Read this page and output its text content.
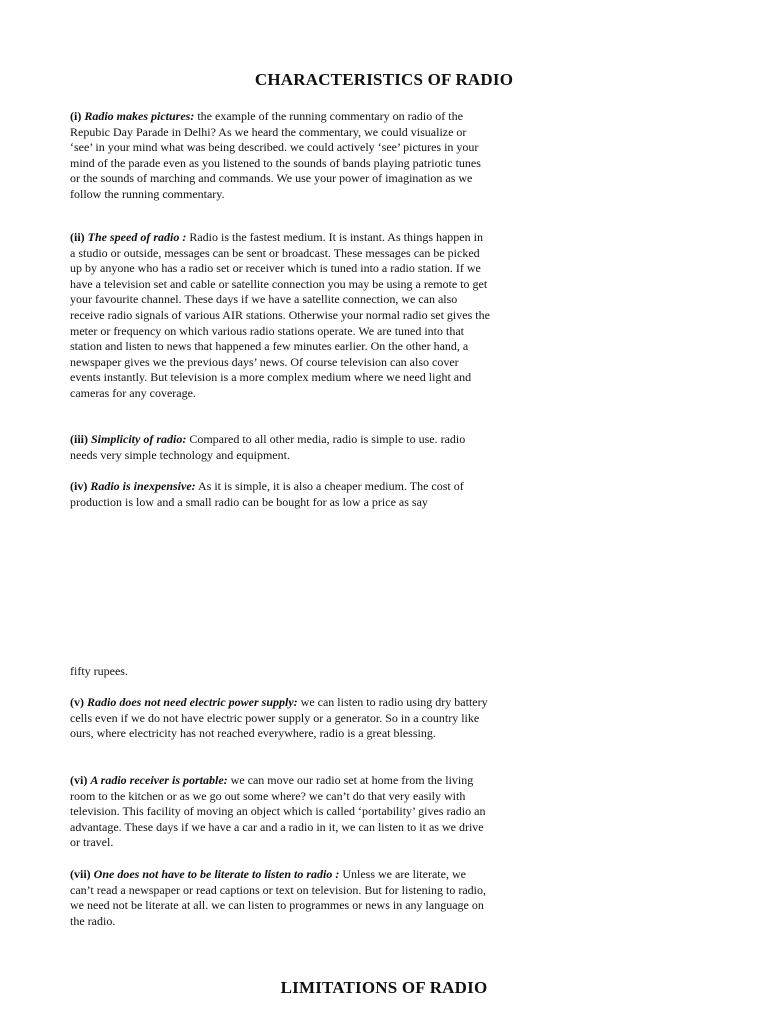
CHARACTERISTICS OF RADIO

(i) Radio makes pictures: the example of the running commentary on radio of the Repubic Day Parade in Delhi? As we heard the commentary, we could visualize or ‘see’ in your mind what was being described. we could actively ‘see’ pictures in your mind of the parade even as you listened to the sounds of bands playing patriotic tunes or the sounds of marching and commands. We use your power of imagination as we follow the running commentary.

(ii) The speed of radio : Radio is the fastest medium. It is instant. As things happen in a studio or outside, messages can be sent or broadcast. These messages can be picked up by anyone who has a radio set or receiver which is tuned into a radio station. If we have a television set and cable or satellite connection you may be using a remote to get your favourite channel. These days if we have a satellite connection, we can also receive radio signals of various AIR stations. Otherwise your normal radio set gives the meter or frequency on which various radio stations operate. We are tuned into that station and listen to news that happened a few minutes earlier. On the other hand, a newspaper gives we the previous days’ news. Of course television can also cover events instantly. But television is a more complex medium where we need light and cameras for any coverage.

(iii) Simplicity of radio: Compared to all other media, radio is simple to use. radio needs very simple technology and equipment.

(iv) Radio is inexpensive: As it is simple, it is also a cheaper medium. The cost of production is low and a small radio can be bought for as low a price as say

fifty rupees.

(v) Radio does not need electric power supply: we can listen to radio using dry battery cells even if we do not have electric power supply or a generator. So in a country like ours, where electricity has not reached everywhere, radio is a great blessing.

(vi) A radio receiver is portable: we can move our radio set at home from the living room to the kitchen or as we go out some where? we can’t do that very easily with television. This facility of moving an object which is called ‘portability’ gives radio an advantage. These days if we have a car and a radio in it, we can listen to it as we drive or travel.

(vii) One does not have to be literate to listen to radio : Unless we are literate, we can’t read a newspaper or read captions or text on television. But for listening to radio, we need not be literate at all. we can listen to programmes or news in any language on the radio.

LIMITATIONS OF RADIO
